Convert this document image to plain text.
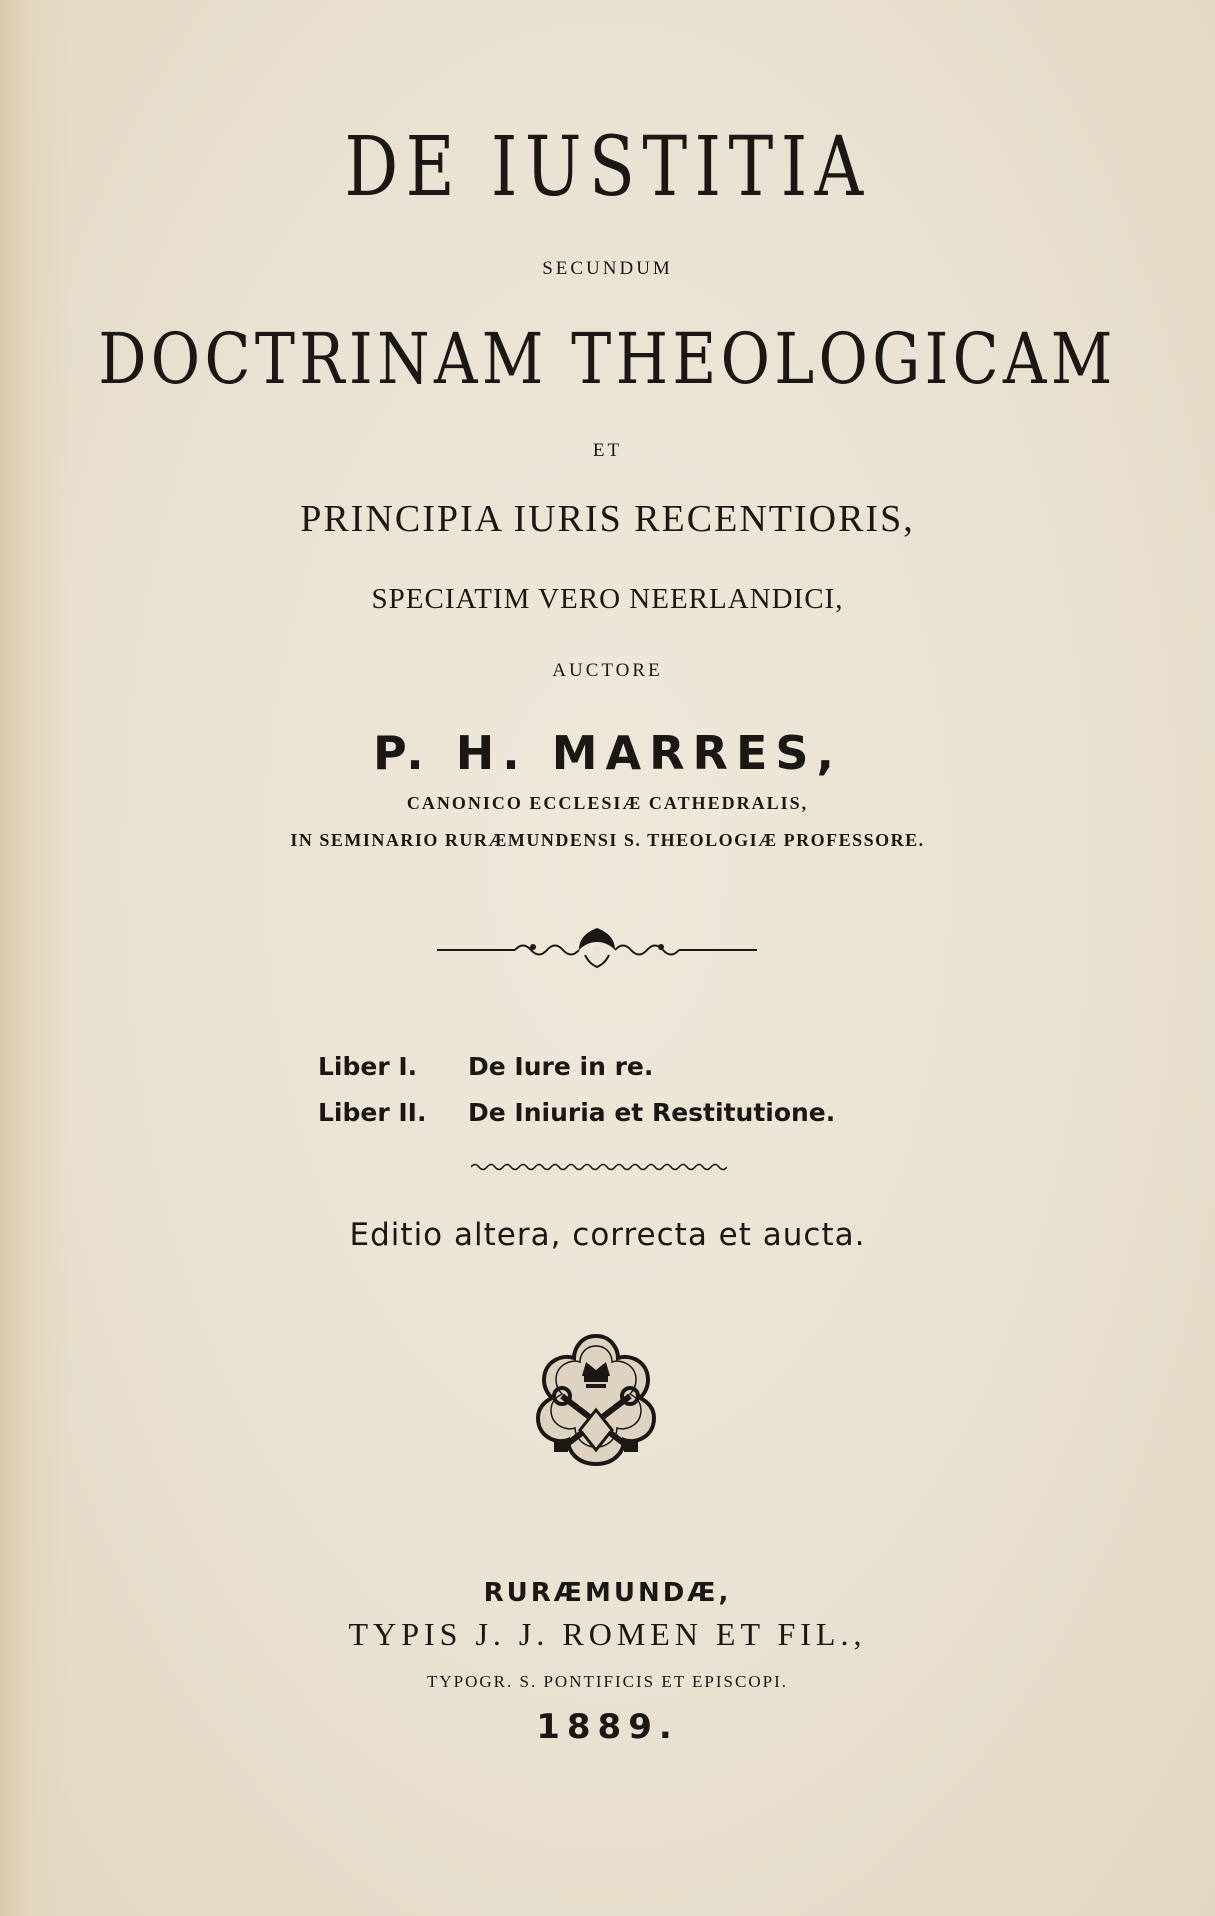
DE IUSTITIA

SECUNDUM

DOCTRINAM THEOLOGICAM

ET

PRINCIPIA IURIS RECENTIORIS,

SPECIATIM VERO NEERLANDICI,

AUCTORE

P. H. MARRES,

CANONICO ECCLESIÆ CATHEDRALIS,

IN SEMINARIO RURÆMUNDENSI S. THEOLOGIÆ PROFESSORE.

Liber I. De Iure in re.

Liber II. De Iniuria et Restitutione.

Editio altera, correcta et aucta.

RURÆMUNDÆ,

TYPIS J. J. ROMEN ET FIL.,

TYPOGR. S. PONTIFICIS ET EPISCOPI.

1889.
